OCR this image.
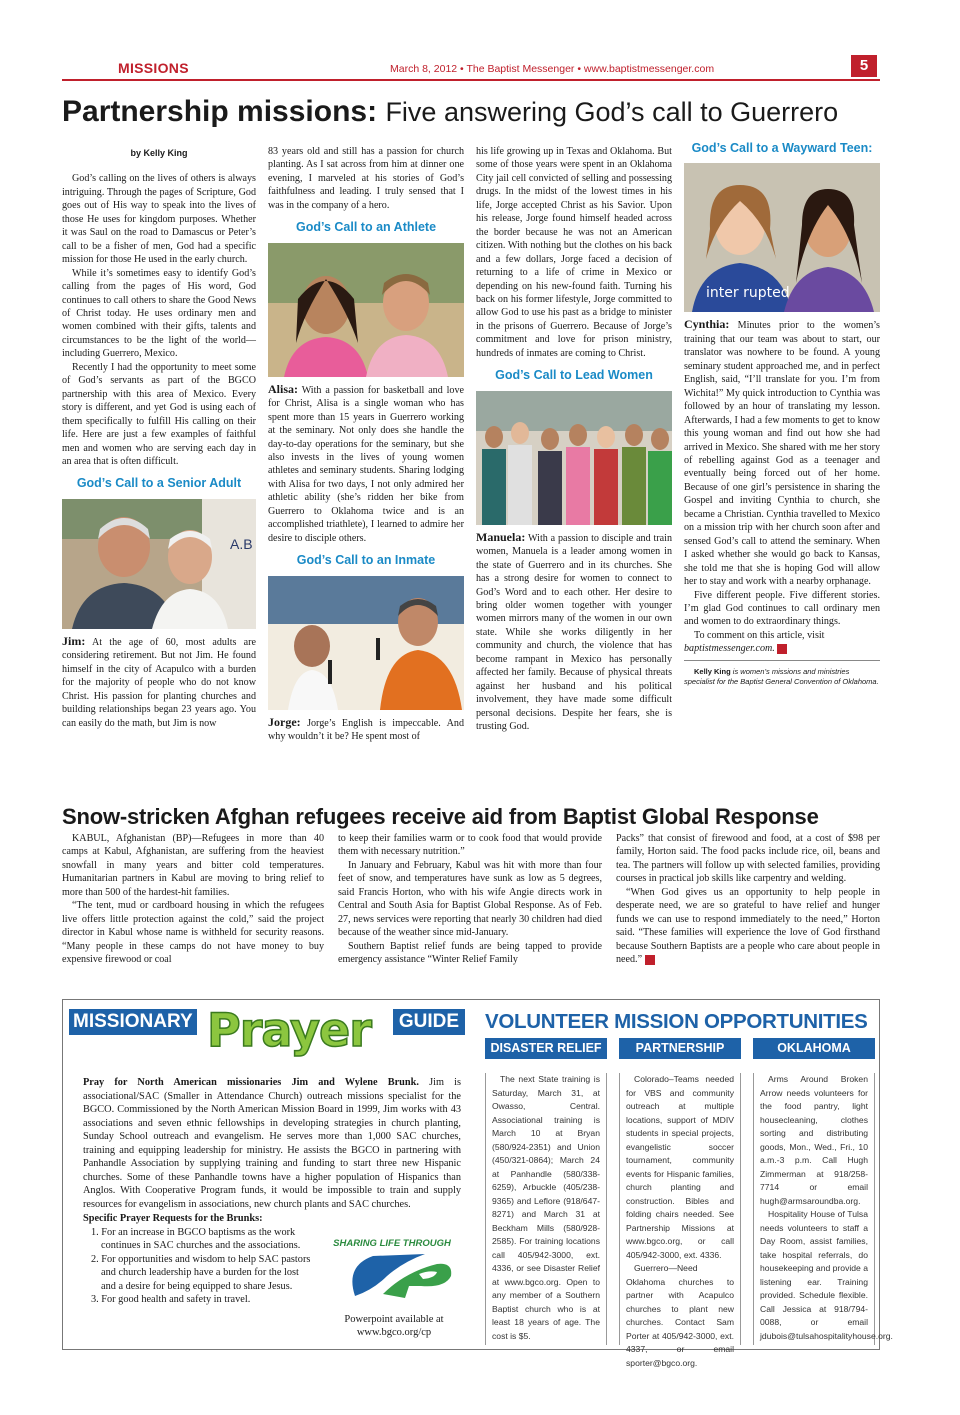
MISSIONS	March 8, 2012 • The Baptist Messenger • www.baptistmessenger.com	5
Partnership missions: Five answering God’s call to Guerrero
by Kelly King

God’s calling on the lives of others is always intriguing. Through the pages of Scripture, God goes out of His way to speak into the lives of those He uses for kingdom purposes. Whether it was Saul on the road to Damascus or Peter’s call to be a fisher of men, God had a specific mission for those He used in the early church.

While it’s sometimes easy to identify God’s calling from the pages of His word, God continues to call others to share the Good News of Christ today. He uses ordinary men and women combined with their gifts, talents and circumstances to be the light of the world—including Guerrero, Mexico.

Recently I had the opportunity to meet some of God’s servants as part of the BGCO partnership with this area of Mexico. Every story is different, and yet God is using each of them specifically to fulfill His calling on their life. Here are just a few examples of faithful men and women who are serving each day in an area that is often difficult.

God’s Call to a Senior Adult
A.B

Jim: At the age of 60, most adults are considering retirement. But not Jim. He found himself in the city of Acapulco with a burden for the majority of people who do not know Christ. His passion for planting churches and building relationships began 23 years ago. You can easily do the math, but Jim is now

83 years old and still has a passion for church planting. As I sat across from him at dinner one evening, I marveled at his stories of God’s faithfulness and leading. I truly sensed that I was in the company of a hero.

God’s Call to an Athlete

Alisa: With a passion for basketball and love for Christ, Alisa is a single woman who has spent more than 15 years in Guerrero working at the seminary. Not only does she handle the day-to-day operations for the seminary, but she also invests in the lives of young women athletes and seminary students. Sharing lodging with Alisa for two days, I not only admired her athletic ability (she’s ridden her bike from Guerrero to Oklahoma twice and is an accomplished triathlete), I learned to admire her desire to disciple others.

God’s Call to an Inmate

Jorge: Jorge’s English is impeccable. And why wouldn’t it be? He spent most of

his life growing up in Texas and Oklahoma. But some of those years were spent in an Oklahoma City jail cell convicted of selling and possessing drugs. In the midst of the lowest times in his life, Jorge accepted Christ as his Savior. Upon his release, Jorge found himself headed across the border because he was not an American citizen. With nothing but the clothes on his back and a few dollars, Jorge faced a decision of returning to a life of crime in Mexico or depending on his new-found faith. Turning his back on his former lifestyle, Jorge committed to allow God to use his past as a bridge to minister in the prisons of Guerrero. Because of Jorge’s commitment and love for prison ministry, hundreds of inmates are coming to Christ.

God’s Call to Lead Women

Manuela: With a passion to disciple and train women, Manuela is a leader among women in the state of Guerrero and in its churches. She has a strong desire for women to connect to God’s Word and to each other. Her desire to bring older women together with younger women mirrors many of the women in our own state. While she works diligently in her community and church, the violence that has become rampant in Mexico has personally affected her family. Because of physical threats against her husband and his political involvement, they have made some difficult personal decisions. Despite her fears, she is trusting God.

God’s Call to a Wayward Teen:
inter rupted

Cynthia: Minutes prior to the women’s training that our team was about to start, our translator was nowhere to be found. A young seminary student approached me, and in perfect English, said, “I’ll translate for you. I’m from Wichita!” My quick introduction to Cynthia was followed by an hour of translating my lesson. Afterwards, I had a few moments to get to know this young woman and find out how she had arrived in Mexico. She shared with me her story of rebelling against God as a teenager and eventually being forced out of her home. Because of one girl’s persistence in sharing the Gospel and inviting Cynthia to church, she became a Christian. Cynthia travelled to Mexico on a mission trip with her church soon after and sensed God’s call to attend the seminary. When I asked whether she would go back to Kansas, she told me that she is hoping God will allow her to stay and work with a nearby orphanage.

Five different people. Five different stories. I’m glad God continues to call ordinary men and women to do extraordinary things.

To comment on this article, visit
baptistmessenger.com. M

Kelly King is women’s missions and ministries specialist for the Baptist General Convention of Oklahoma.

Snow-stricken Afghan refugees receive aid from Baptist Global Response

KABUL, Afghanistan (BP)—Refugees in more than 40 camps at Kabul, Afghanistan, are suffering from the heaviest snowfall in many years and bitter cold temperatures. Humanitarian partners in Kabul are moving to bring relief to more than 500 of the hardest-hit families.

“The tent, mud or cardboard housing in which the refugees live offers little protection against the cold,” said the project director in Kabul whose name is withheld for security reasons. “Many people in these camps do not have money to buy expensive firewood or coal

to keep their families warm or to cook food that would provide them with necessary nutrition.”

In January and February, Kabul was hit with more than four feet of snow, and temperatures have sunk as low as 5 degrees, said Francis Horton, who with his wife Angie directs work in Central and South Asia for Baptist Global Response. As of Feb. 27, news services were reporting that nearly 30 children had died because of the weather since mid-January.

Southern Baptist relief funds are being tapped to provide emergency assistance “Winter Relief Family

Packs” that consist of firewood and food, at a cost of $98 per family, Horton said. The food packs include rice, oil, beans and tea. The partners will follow up with selected families, providing courses in practical job skills like carpentry and welding.

“When God gives us an opportunity to help people in desperate need, we are so grateful to have relief and hunger funds we can use to respond immediately to the need,” Horton said. “These families will experience the love of God firsthand because Southern Baptists are a people who care about people in need.” M

MISSIONARY	GUIDE
Prayer

Pray for North American missionaries Jim and Wylene Brunk. Jim is associational/SAC (Smaller in Attendance Church) outreach missions specialist for the BGCO. Commissioned by the North American Mission Board in 1999, Jim works with 43 associations and seven ethnic fellowships in developing strategies in church planting, Sunday School outreach and evangelism. He serves more than 1,000 SAC churches, training and equipping leadership for ministry. He assists the BGCO in partnering with Panhandle Association by supplying training and funding to start three new Hispanic churches. Some of these Panhandle towns have a higher population of Hispanics than Anglos. With Cooperative Program funds, it would be impossible to train and supply resources for evangelism in associations, new church plants and SAC churches.

Specific Prayer Requests for the Brunks:

1. For an increase in BGCO baptisms as the work continues in SAC churches and the associations.
2. For opportunities and wisdom to help SAC pastors and church leadership have a burden for the lost and a desire for being equipped to share Jesus.
3. For good health and safety in travel.
SHARING LIFE THROUGH
Powerpoint available at www.bgco.org/cp
VOLUNTEER MISSION OPPORTUNITIES
DISASTER RELIEF

The next State training is Saturday, March 31, at Owasso, Central. Associational training is March 10 at Bryan (580/924-2351) and Union (450/321-0864); March 24 at Panhandle (580/338-6259), Arbuckle (405/238-9365) and Leflore (918/647-8271) and March 31 at Beckham Mills (580/928-2585). For training locations call 405/942-3000, ext. 4336, or see Disaster Relief at www.bgco.org. Open to any member of a Southern Baptist church who is at least 18 years of age. The cost is $5.

PARTNERSHIP

Colorado–Teams needed for VBS and community outreach at multiple locations, support of MDIV students in special projects, evangelistic soccer tournament, community events for Hispanic families, church planting and construction. Bibles and folding chairs needed. See Partnership Missions at www.bgco.org, or call 405/942-3000, ext. 4336.

Guerrero—Need Oklahoma churches to partner with Acapulco churches to plant new churches. Contact Sam Porter at 405/942-3000, ext. 4337, or email sporter@bgco.org.

OKLAHOMA

Arms Around Broken Arrow needs volunteers for the food pantry, light housecleaning, clothes sorting and distributing goods, Mon., Wed., Fri., 10 a.m.-3 p.m. Call Hugh Zimmerman at 918/258-7714 or email hugh@armsaroundba.org.

Hospitality House of Tulsa needs volunteers to staff a Day Room, assist families, take hospital referrals, do housekeeping and provide a listening ear. Training provided. Schedule flexible. Call Jessica at 918/794-0088, or email jdubois@tulsahospitalityhouse.org.
